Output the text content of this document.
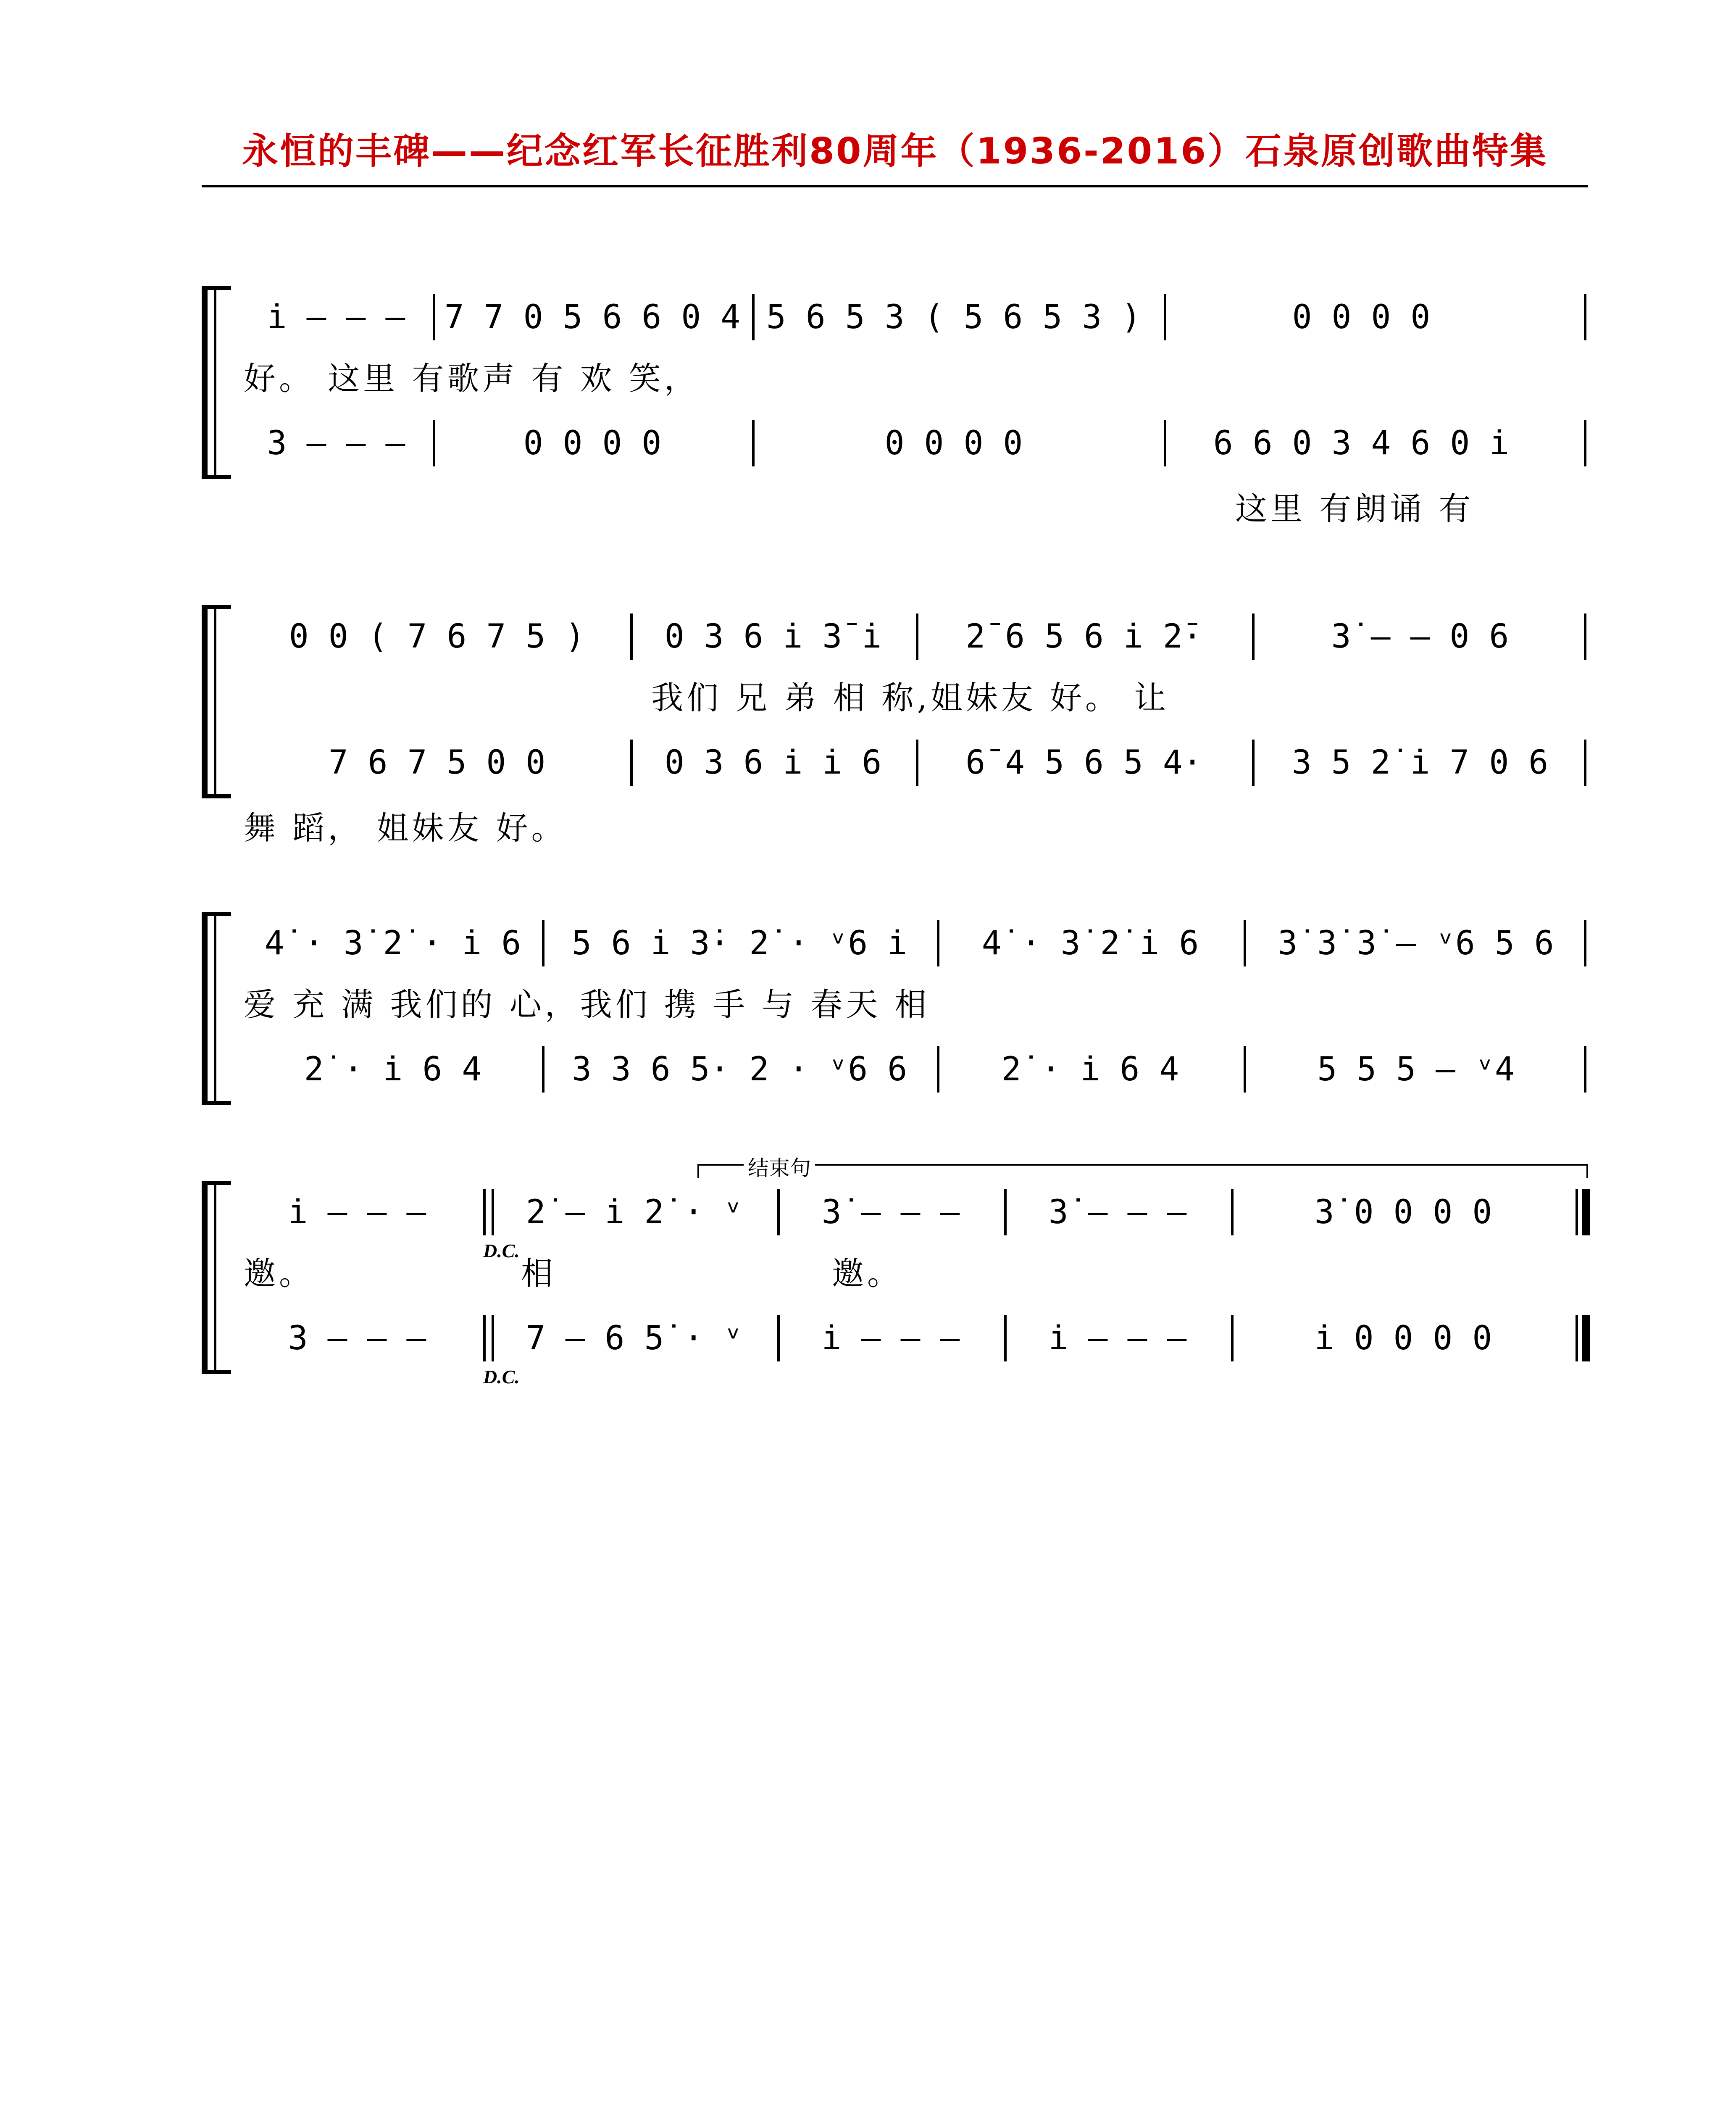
永恒的丰碑——纪念红军长征胜利80周年（1936-2016）石泉原创歌曲特集
i̇ – – –	7 7 0 5 6 6 0 4 5 6 5 3 ( 5 6 5 3 )	0 0 0 0
好。 这里 有歌声 有 欢 笑，
3 – – –	0 0 0 0	0 0 0 0	6 6 0 3 4 6 0 i̇
这里 有朗诵 有
0 0 ( 7 6 7 5 )	0 3 6 i̇ 3̄ i̇	2̄ 6 5 6 i̇ 2̄·	3̇ – – 0 6
我们 兄 弟 相 称,姐妹友 好。 让
7 6 7 5 0 0	0 3 6 i̇ i̇ 6	6̄ 4 5 6 5 4·	3 5 2̇ i̇ 7 0 6
舞 蹈， 姐妹友 好。
4̇ · 3̇ 2̇ · i̇ 6	5 6 i̇ 3̇· 2̇ · ᵛ6 i̇	4̇ · 3̇ 2̇ i̇ 6	3̇ 3̇ 3̇ – ᵛ6 5 6
爱 充 满 我们的 心，我们 携 手 与 春天 相
2̇ · i̇ 6 4	3 3 6 5· 2 · ᵛ6 6	2̇ · i̇ 6 4	5 5 5 – ᵛ4
结束句
i̇ – – –	2̇ – i̇ 2̇ · ᵛ	3̇ – – –	3̇ – – –	3̇ 0 0 0 0
D.C.
邀。	相	邀。
3 – – –	7 – 6 5̇ · ᵛ	i̇ – – –	i̇ – – –	i̇ 0 0 0 0
D.C.
